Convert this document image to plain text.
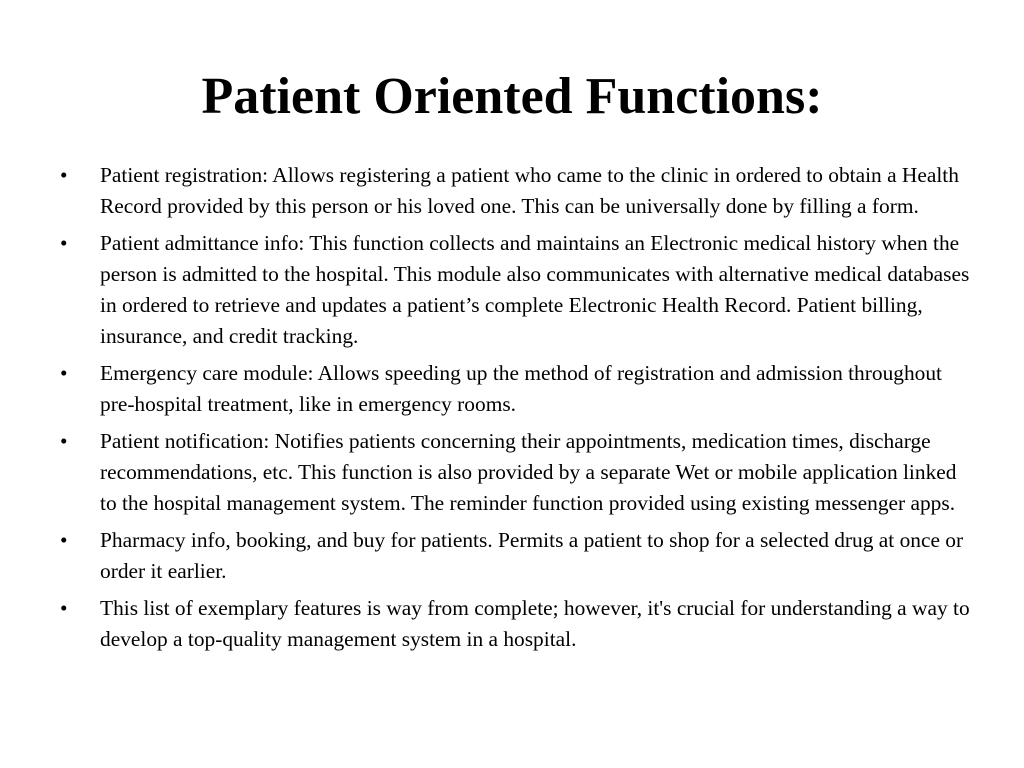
Patient Oriented Functions:
•	Patient registration: Allows registering a patient who came to the clinic in ordered to obtain a Health Record provided by this person or his loved one. This can be universally done by filling a form.
•	Patient admittance info: This function collects and maintains an Electronic medical history when the person is admitted to the hospital. This module also communicates with alternative medical databases in ordered to retrieve and updates a patient’s complete Electronic Health Record. Patient billing, insurance, and credit tracking.
•	Emergency care module: Allows speeding up the method of registration and admission throughout pre-hospital treatment, like in emergency rooms.
•	Patient notification: Notifies patients concerning their appointments, medication times, discharge recommendations, etc. This function is also provided by a separate Wet or mobile application linked to the hospital management system. The reminder function provided using existing messenger apps.
•	Pharmacy info, booking, and buy for patients. Permits a patient to shop for a selected drug at once or order it earlier.
•	This list of exemplary features is way from complete; however, it's crucial for understanding a way to develop a top-quality management system in a hospital.
